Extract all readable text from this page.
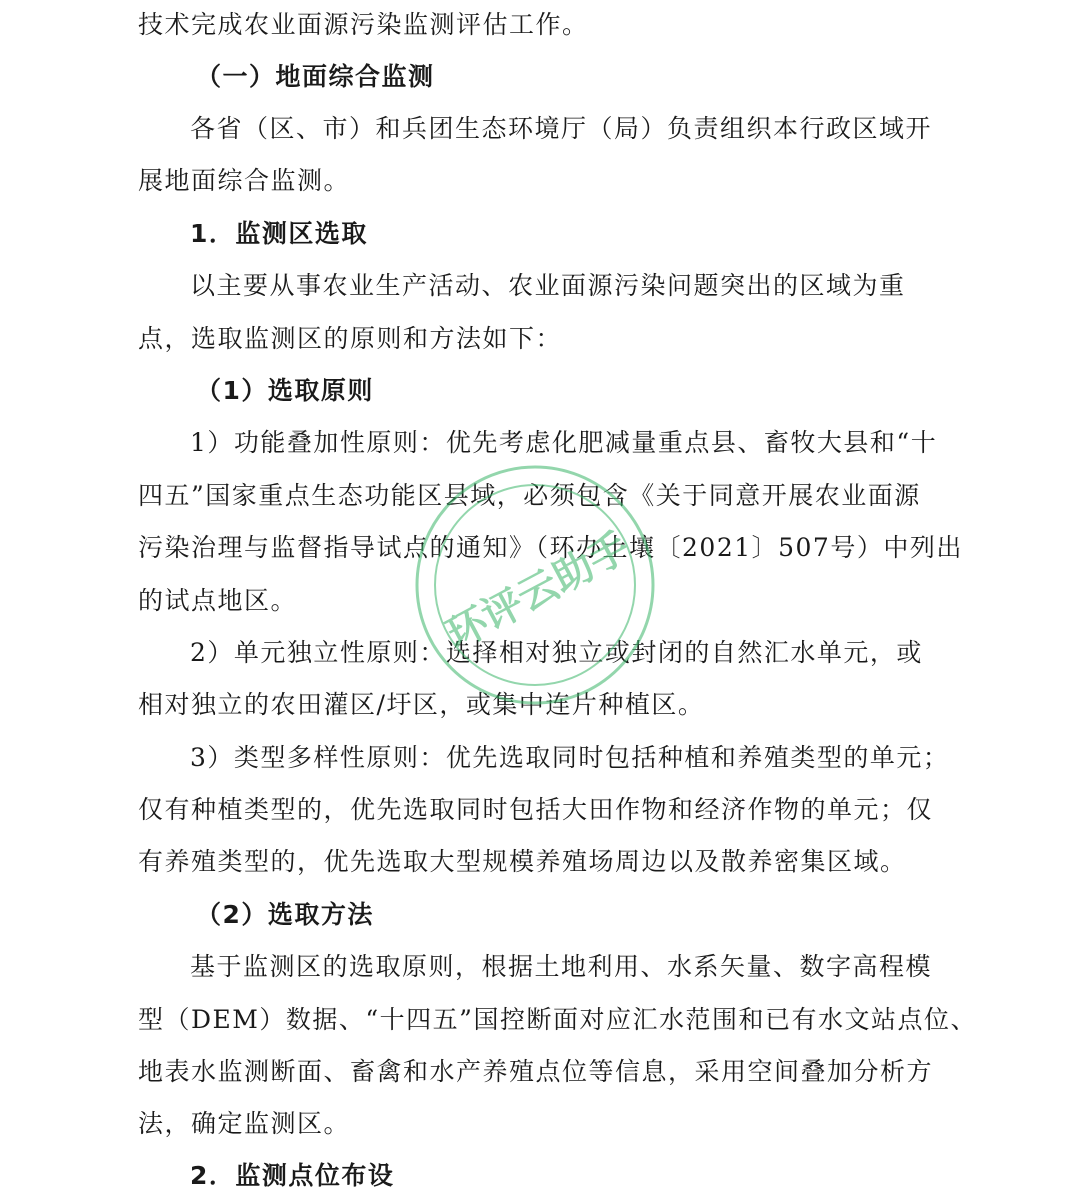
技术完成农业面源污染监测评估工作。
（一）地面综合监测
各省（区、市）和兵团生态环境厅（局）负责组织本行政区域开
展地面综合监测。
1．监测区选取
以主要从事农业生产活动、农业面源污染问题突出的区域为重
点，选取监测区的原则和方法如下：
（1）选取原则
1）功能叠加性原则：优先考虑化肥减量重点县、畜牧大县和“十
四五”国家重点生态功能区县域，必须包含《关于同意开展农业面源
污染治理与监督指导试点的通知》（环办土壤〔2021〕507号）中列出
的试点地区。
2）单元独立性原则：选择相对独立或封闭的自然汇水单元，或
相对独立的农田灌区/圩区，或集中连片种植区。
3）类型多样性原则：优先选取同时包括种植和养殖类型的单元；
仅有种植类型的，优先选取同时包括大田作物和经济作物的单元；仅
有养殖类型的，优先选取大型规模养殖场周边以及散养密集区域。
（2）选取方法
基于监测区的选取原则，根据土地利用、水系矢量、数字高程模
型（DEM）数据、“十四五”国控断面对应汇水范围和已有水文站点位、
地表水监测断面、畜禽和水产养殖点位等信息，采用空间叠加分析方
法，确定监测区。
2．监测点位布设
环评云助手
